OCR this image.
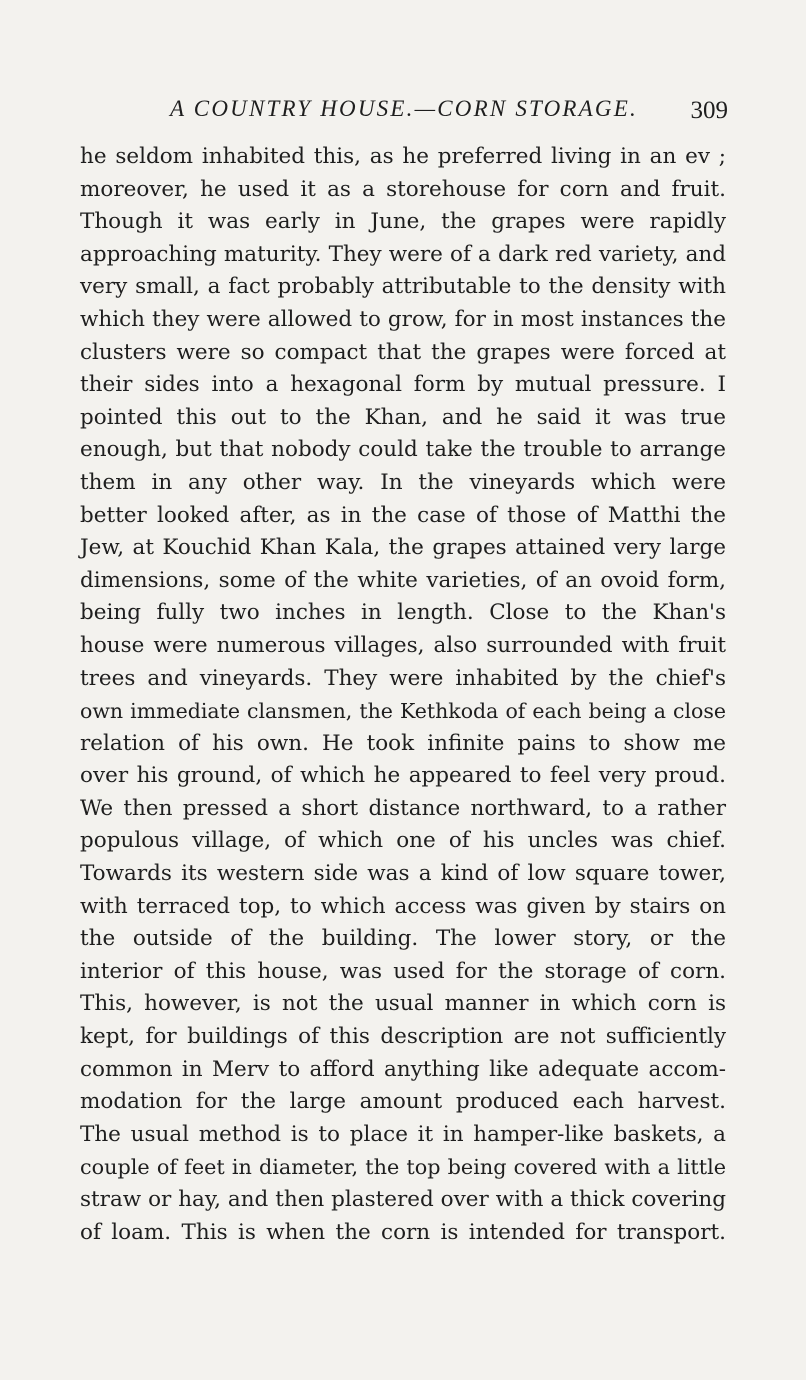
A COUNTRY HOUSE.—CORN STORAGE. 309
he seldom inhabited this, as he preferred living in an ev ;
moreover, he used it as a storehouse for corn and fruit.
Though it was early in June, the grapes were rapidly
approaching maturity. They were of a dark red variety, and
very small, a fact probably attributable to the density with
which they were allowed to grow, for in most instances the
clusters were so compact that the grapes were forced at
their sides into a hexagonal form by mutual pressure. I
pointed this out to the Khan, and he said it was true
enough, but that nobody could take the trouble to arrange
them in any other way. In the vineyards which were
better looked after, as in the case of those of Matthi the
Jew, at Kouchid Khan Kala, the grapes attained very large
dimensions, some of the white varieties, of an ovoid form,
being fully two inches in length. Close to the Khan's
house were numerous villages, also surrounded with fruit
trees and vineyards. They were inhabited by the chief's
own immediate clansmen, the Kethkoda of each being a close
relation of his own. He took infinite pains to show me
over his ground, of which he appeared to feel very proud.
We then pressed a short distance northward, to a rather
populous village, of which one of his uncles was chief.
Towards its western side was a kind of low square tower,
with terraced top, to which access was given by stairs on
the outside of the building. The lower story, or the
interior of this house, was used for the storage of corn.
This, however, is not the usual manner in which corn is
kept, for buildings of this description are not sufficiently
common in Merv to afford anything like adequate accom-
modation for the large amount produced each harvest.
The usual method is to place it in hamper-like baskets, a
couple of feet in diameter, the top being covered with a little
straw or hay, and then plastered over with a thick covering
of loam. This is when the corn is intended for transport.
